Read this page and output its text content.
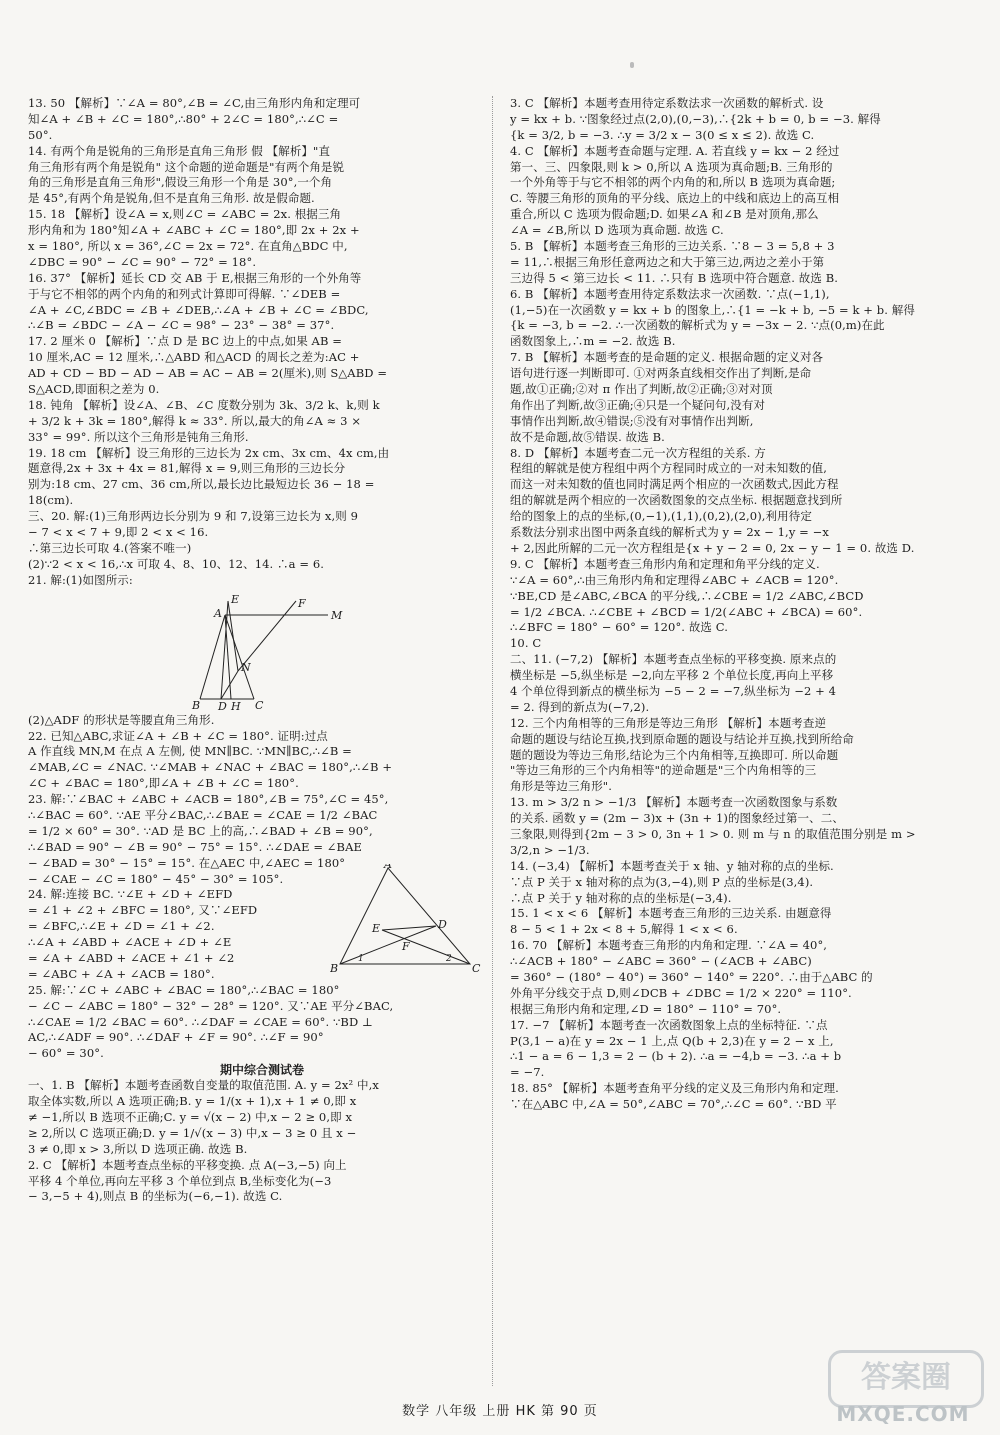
13. 50 【解析】∵∠A = 80°,∠B = ∠C,由三角形内角和定理可
知∠A + ∠B + ∠C = 180°,∴80° + 2∠C = 180°,∴∠C =
50°.
14. 有两个角是锐角的三角形是直角三角形 假 【解析】"直
角三角形有两个角是锐角" 这个命题的逆命题是"有两个角是锐
角的三角形是直角三角形",假设三角形一个角是 30°,一个角
是 45°,有两个角是锐角,但不是直角三角形. 故是假命题.
15. 18 【解析】设∠A = x,则∠C = ∠ABC = 2x. 根据三角
形内角和为 180°知∠A + ∠ABC + ∠C = 180°,即 2x + 2x +
x = 180°, 所以 x = 36°,∠C = 2x = 72°. 在直角△BDC 中,
∠DBC = 90° − ∠C = 90° − 72° = 18°.
16. 37° 【解析】延长 CD 交 AB 于 E,根据三角形的一个外角等
于与它不相邻的两个内角的和列式计算即可得解. ∵∠DEB =
∠A + ∠C,∠BDC = ∠B + ∠DEB,∴∠A + ∠B + ∠C = ∠BDC,
∴∠B = ∠BDC − ∠A − ∠C = 98° − 23° − 38° = 37°.
17. 2 厘米 0 【解析】∵点 D 是 BC 边上的中点,如果 AB =
10 厘米,AC = 12 厘米,∴△ABD 和△ACD 的周长之差为:AC +
AD + CD − BD − AD − AB = AC − AB = 2(厘米),则 S△ABD =
S△ACD,即面积之差为 0.
18. 钝角 【解析】设∠A、∠B、∠C 度数分别为 3k、3/2 k、k,则 k
+ 3/2 k + 3k = 180°,解得 k ≈ 33°. 所以,最大的角∠A ≈ 3 ×
33° = 99°. 所以这个三角形是钝角三角形.
19. 18 cm 【解析】设三角形的三边长为 2x cm、3x cm、4x cm,由
题意得,2x + 3x + 4x = 81,解得 x = 9,则三角形的三边长分
别为:18 cm、27 cm、36 cm,所以,最长边比最短边长 36 − 18 =
18(cm).
三、20. 解:(1)三角形两边长分别为 9 和 7,设第三边长为 x,则 9
− 7 < x < 7 + 9,即 2 < x < 16.
∴第三边长可取 4.(答案不唯一)
(2)∵2 < x < 16,∴x 可取 4、8、10、12、14. ∴a = 6.
21. 解:(1)如图所示:
A
E	F
M
B	C
D H
N
(2)△ADF 的形状是等腰直角三角形.
22. 已知△ABC,求证∠A + ∠B + ∠C = 180°. 证明:过点
A 作直线 MN,M 在点 A 左侧, 使 MN∥BC. ∵MN∥BC,∴∠B =
∠MAB,∠C = ∠NAC. ∵∠MAB + ∠NAC + ∠BAC = 180°,∴∠B +
∠C + ∠BAC = 180°,即∠A + ∠B + ∠C = 180°.
23. 解:∵∠BAC + ∠ABC + ∠ACB = 180°,∠B = 75°,∠C = 45°,
∴∠BAC = 60°. ∵AE 平分∠BAC,∴∠BAE = ∠CAE = 1/2 ∠BAC
= 1/2 × 60° = 30°. ∵AD 是 BC 上的高,∴∠BAD + ∠B = 90°,
∴∠BAD = 90° − ∠B = 90° − 75° = 15°. ∴∠DAE = ∠BAE
− ∠BAD = 30° − 15° = 15°. 在△AEC 中,∠AEC = 180°
− ∠CAE − ∠C = 180° − 45° − 30° = 105°.
24. 解:连接 BC. ∵∠E + ∠D + ∠EFD
= ∠1 + ∠2 + ∠BFC = 180°, 又∵∠EFD
= ∠BFC,∴∠E + ∠D = ∠1 + ∠2.
∴∠A + ∠ABD + ∠ACE + ∠D + ∠E
= ∠A + ∠ABD + ∠ACE + ∠1 + ∠2
= ∠ABC + ∠A + ∠ACB = 180°.
25. 解:∵∠C + ∠ABC + ∠BAC = 180°,∴∠BAC = 180°
− ∠C − ∠ABC = 180° − 32° − 28° = 120°. 又∵AE 平分∠BAC,
∴∠CAE = 1/2 ∠BAC = 60°. ∴∠DAF = ∠CAE = 60°. ∵BD ⊥
AC,∴∠ADF = 90°. ∴∠DAF + ∠F = 90°. ∴∠F = 90°
− 60° = 30°.
A
E	D
F
B	C
1	2
期中综合测试卷
一、1. B 【解析】本题考查函数自变量的取值范围. A. y = 2x² 中,x
取全体实数,所以 A 选项正确;B. y = 1/(x + 1),x + 1 ≠ 0,即 x
≠ −1,所以 B 选项不正确;C. y = √(x − 2) 中,x − 2 ≥ 0,即 x
≥ 2,所以 C 选项正确;D. y = 1/√(x − 3) 中,x − 3 ≥ 0 且 x −
3 ≠ 0,即 x > 3,所以 D 选项正确. 故选 B.
2. C 【解析】本题考查点坐标的平移变换. 点 A(−3,−5) 向上
平移 4 个单位,再向左平移 3 个单位到点 B,坐标变化为(−3
− 3,−5 + 4),则点 B 的坐标为(−6,−1). 故选 C.
3. C 【解析】本题考查用待定系数法求一次函数的解析式. 设
y = kx + b. ∵图象经过点(2,0),(0,−3),∴{2k + b = 0, b = −3. 解得
{k = 3/2, b = −3. ∴y = 3/2 x − 3(0 ≤ x ≤ 2). 故选 C.
4. C 【解析】本题考查命题与定理. A. 若直线 y = kx − 2 经过
第一、三、四象限,则 k > 0,所以 A 选项为真命题;B. 三角形的
一个外角等于与它不相邻的两个内角的和,所以 B 选项为真命题;
C. 等腰三角形的顶角的平分线、底边上的中线和底边上的高互相
重合,所以 C 选项为假命题;D. 如果∠A 和∠B 是对顶角,那么
∠A = ∠B,所以 D 选项为真命题. 故选 C.
5. B 【解析】本题考查三角形的三边关系. ∵8 − 3 = 5,8 + 3
= 11,∴根据三角形任意两边之和大于第三边,两边之差小于第
三边得 5 < 第三边长 < 11. ∴只有 B 选项中符合题意. 故选 B.
6. B 【解析】本题考查用待定系数法求一次函数. ∵点(−1,1),
(1,−5)在一次函数 y = kx + b 的图象上,∴{1 = −k + b, −5 = k + b. 解得
{k = −3, b = −2. ∴一次函数的解析式为 y = −3x − 2. ∵点(0,m)在此
函数图象上,∴m = −2. 故选 B.
7. B 【解析】本题考查的是命题的定义. 根据命题的定义对各
语句进行逐一判断即可. ①对两条直线相交作出了判断,是命
题,故①正确;②对 π 作出了判断,故②正确;③对对顶
角作出了判断,故③正确;④只是一个疑问句,没有对
事情作出判断,故④错误;⑤没有对事情作出判断,
故不是命题,故⑤错误. 故选 B.
8. D 【解析】本题考查二元一次方程组的关系. 方
程组的解就是使方程组中两个方程同时成立的一对未知数的值,
而这一对未知数的值也同时满足两个相应的一次函数式,因此方程
组的解就是两个相应的一次函数图象的交点坐标. 根据题意找到所
给的图象上的点的坐标,(0,−1),(1,1),(0,2),(2,0),利用待定
系数法分别求出图中两条直线的解析式为 y = 2x − 1,y = −x
+ 2,因此所解的二元一次方程组是{x + y − 2 = 0, 2x − y − 1 = 0. 故选 D.
9. C 【解析】本题考查三角形内角和定理和角平分线的定义.
∵∠A = 60°,∴由三角形内角和定理得∠ABC + ∠ACB = 120°.
∵BE,CD 是∠ABC,∠BCA 的平分线,∴∠CBE = 1/2 ∠ABC,∠BCD
= 1/2 ∠BCA. ∴∠CBE + ∠BCD = 1/2(∠ABC + ∠BCA) = 60°.
∴∠BFC = 180° − 60° = 120°. 故选 C.
10. C
二、11. (−7,2) 【解析】本题考查点坐标的平移变换. 原来点的
横坐标是 −5,纵坐标是 −2,向左平移 2 个单位长度,再向上平移
4 个单位得到新点的横坐标为 −5 − 2 = −7,纵坐标为 −2 + 4
= 2. 得到的新点为(−7,2).
12. 三个内角相等的三角形是等边三角形 【解析】本题考查逆
命题的题设与结论互换,找到原命题的题设与结论并互换,找到所给命
题的题设为等边三角形,结论为三个内角相等,互换即可. 所以命题
"等边三角形的三个内角相等"的逆命题是"三个内角相等的三
角形是等边三角形".
13. m > 3/2 n > −1/3 【解析】本题考查一次函数图象与系数
的关系. 函数 y = (2m − 3)x + (3n + 1)的图象经过第一、二、
三象限,则得到{2m − 3 > 0, 3n + 1 > 0. 则 m 与 n 的取值范围分别是 m >
3/2,n > −1/3.
14. (−3,4) 【解析】本题考查关于 x 轴、y 轴对称的点的坐标.
∵点 P 关于 x 轴对称的点为(3,−4),则 P 点的坐标是(3,4).
∴点 P 关于 y 轴对称的点的坐标是(−3,4).
15. 1 < x < 6 【解析】本题考查三角形的三边关系. 由题意得
8 − 5 < 1 + 2x < 8 + 5,解得 1 < x < 6.
16. 70 【解析】本题考查三角形的内角和定理. ∵∠A = 40°,
∴∠ACB + 180° − ∠ABC = 360° − (∠ACB + ∠ABC)
= 360° − (180° − 40°) = 360° − 140° = 220°. ∴由于△ABC 的
外角平分线交于点 D,则∠DCB + ∠DBC = 1/2 × 220° = 110°.
根据三角形内角和定理,∠D = 180° − 110° = 70°.
17. −7 【解析】本题考查一次函数图象上点的坐标特征. ∵点
P(3,1 − a)在 y = 2x − 1 上,点 Q(b + 2,3)在 y = 2 − x 上,
∴1 − a = 6 − 1,3 = 2 − (b + 2). ∴a = −4,b = −3. ∴a + b
= −7.
18. 85° 【解析】本题考查角平分线的定义及三角形内角和定理.
∵在△ABC 中,∠A = 50°,∠ABC = 70°,∴∠C = 60°. ∵BD 平
数学 八年级 上册 HK 第 90 页
答案圈
MXQE.COM
